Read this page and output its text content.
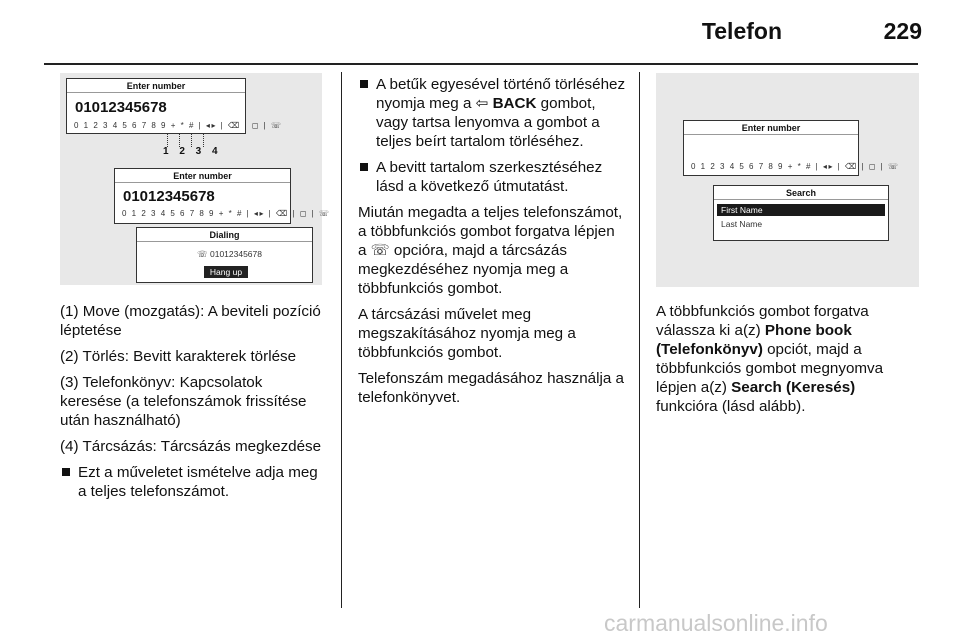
Telefon	229
Enter number
01012345678
0 1 2 3 4 5 6 7 8 9 + * # | ◂▸ | ⌫ | ◻ | ☏
1 2 3 4
Enter number
01012345678
0 1 2 3 4 5 6 7 8 9 + * # | ◂▸ | ⌫ | ◻ | ☏
Dialing
☏ 01012345678
Hang up

(1) Move (mozgatás): A beviteli pozíció léptetése

(2) Törlés: Bevitt karakterek törlése

(3) Telefonkönyv: Kapcsolatok keresése (a telefonszámok frissítése után használható)

(4) Tárcsázás: Tárcsázás megkezdése

Ezt a műveletet ismételve adja meg a teljes telefonszámot.
A betűk egyesével történő törléséhez nyomja meg a ⇦ BACK gombot, vagy tartsa lenyomva a gombot a teljes beírt tartalom törléséhez.
A bevitt tartalom szerkesztéséhez lásd a következő útmutatást.

Miután megadta a teljes telefonszámot, a többfunkciós gombot forgatva lépjen a ☏ opcióra, majd a tárcsázás megkezdéséhez nyomja meg a többfunkciós gombot.

A tárcsázási művelet meg megszakításához nyomja meg a többfunkciós gombot.

Telefonszám megadásához használja a telefonkönyvet.

Enter number
0 1 2 3 4 5 6 7 8 9 + * # | ◂▸ | ⌫ | ◻ | ☏
Search
First Name
Last Name

A többfunkciós gombot forgatva válassza ki a(z) Phone book (Telefonkönyv) opciót, majd a többfunkciós gombot megnyomva lépjen a(z) Search (Keresés) funkcióra (lásd alább).

carmanualsonline.info
